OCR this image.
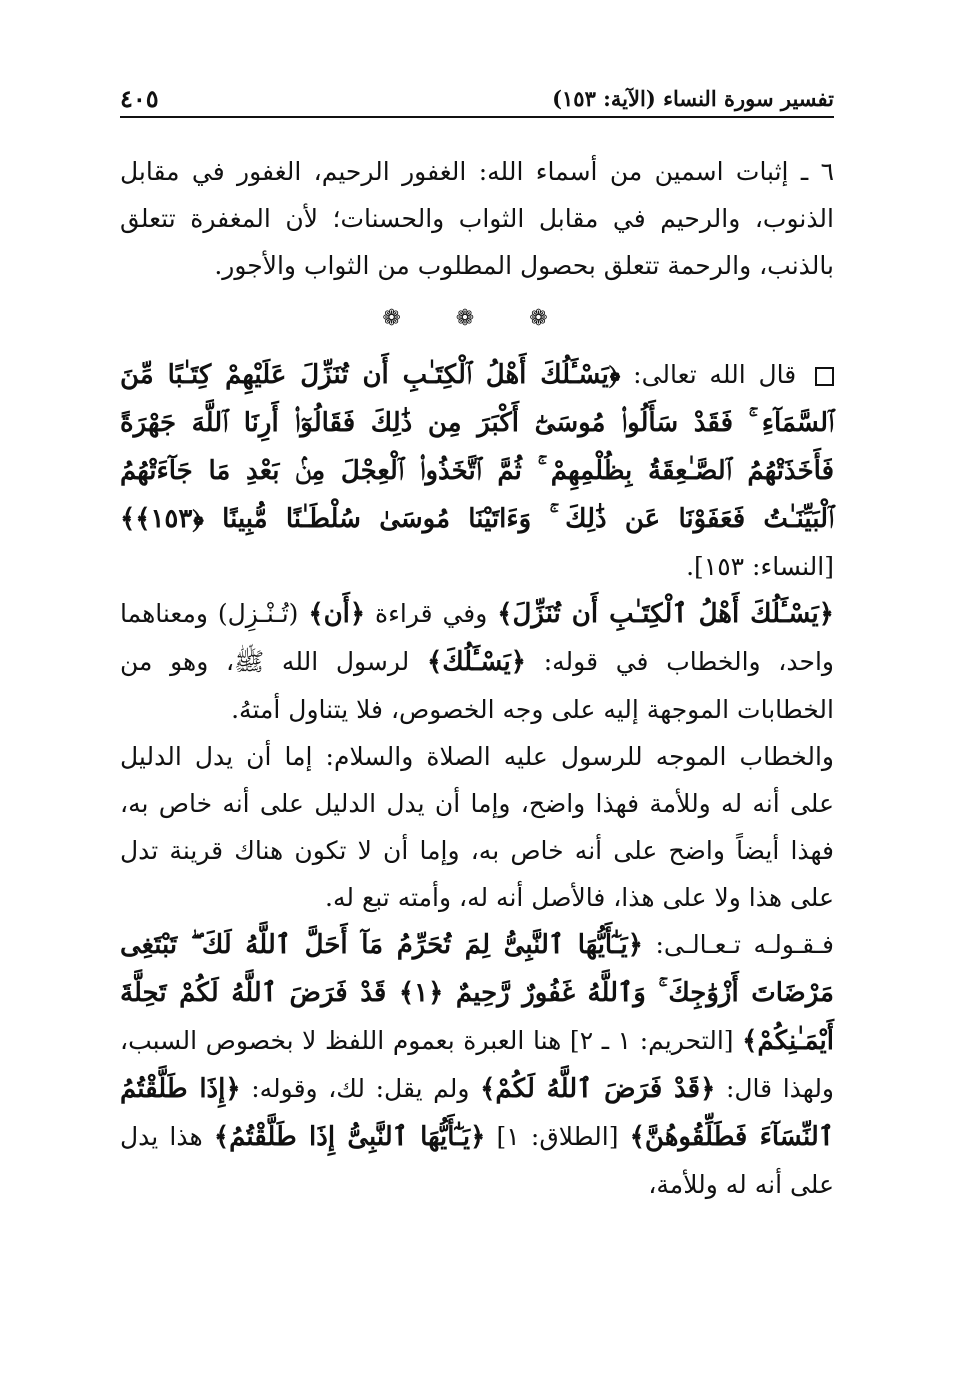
تفسير سورة النساء (الآية: ١٥٣)
٤٠٥

٦ ـ إثبات اسمين من أسماء الله: الغفور الرحيم، الغفور في مقابل الذنوب، والرحيم في مقابل الثواب والحسنات؛ لأن المغفرة تتعلق بالذنب، والرحمة تتعلق بحصول المطلوب من الثواب والأجور.

❁ ❁ ❁

قال الله تعالى: ﴿يَسْـَٔلُكَ أَهْلُ ٱلْكِتَـٰبِ أَن تُنَزِّلَ عَلَيْهِمْ كِتَـٰبًا مِّنَ ٱلسَّمَآءِ ۚ فَقَدْ سَأَلُوا۟ مُوسَىٰٓ أَكْبَرَ مِن ذَٰلِكَ فَقَالُوٓا۟ أَرِنَا ٱللَّهَ جَهْرَةً فَأَخَذَتْهُمُ ٱلصَّـٰعِقَةُ بِظُلْمِهِمْ ۚ ثُمَّ ٱتَّخَذُوا۟ ٱلْعِجْلَ مِنۢ بَعْدِ مَا جَآءَتْهُمُ ٱلْبَيِّنَـٰتُ فَعَفَوْنَا عَن ذَٰلِكَ ۚ وَءَاتَيْنَا مُوسَىٰ سُلْطَـٰنًا مُّبِينًا ﴿١٥٣﴾﴾ [النساء: ١٥٣].

﴿يَسْـَٔلُكَ أَهْلُ ٱلْكِتَـٰبِ أَن تُنَزِّلَ﴾ وفي قراءة ﴿أَن﴾ (تُـنْـزِل) ومعناهما واحد، والخطاب في قوله: ﴿يَسْـَٔلُكَ﴾ لرسول الله ﷺ، وهو من الخطابات الموجهة إليه على وجه الخصوص، فلا يتناول أمتهُ.

والخطاب الموجه للرسول عليه الصلاة والسلام: إما أن يدل الدليل على أنه له وللأمة فهذا واضح، وإما أن يدل الدليل على أنه خاص به، فهذا أيضاً واضح على أنه خاص به، وإما أن لا تكون هناك قرينة تدل على هذا ولا على هذا، فالأصل أنه له، وأمته تبع له.

فـقـولـه تـعـالـى: ﴿يَـٰٓأَيُّهَا ٱلنَّبِىُّ لِمَ تُحَرِّمُ مَآ أَحَلَّ ٱللَّهُ لَكَ ۖ تَبْتَغِى مَرْضَاتَ أَزْوَٰجِكَ ۚ وَٱللَّهُ غَفُورٌ رَّحِيمٌ ﴿١﴾ قَدْ فَرَضَ ٱللَّهُ لَكُمْ تَحِلَّةَ أَيْمَـٰنِكُمْ﴾ [التحريم: ١ ـ ٢] هنا العبرة بعموم اللفظ لا بخصوص السبب، ولهذا قال: ﴿قَدْ فَرَضَ ٱللَّهُ لَكُمْ﴾ ولم يقل: لك، وقوله: ﴿إِذَا طَلَّقْتُمُ ٱلنِّسَآءَ فَطَلِّقُوهُنَّ﴾ [الطلاق: ١] ﴿يَـٰٓأَيُّهَا ٱلنَّبِىُّ إِذَا طَلَّقْتُمُ﴾ هذا يدل على أنه له وللأمة،
